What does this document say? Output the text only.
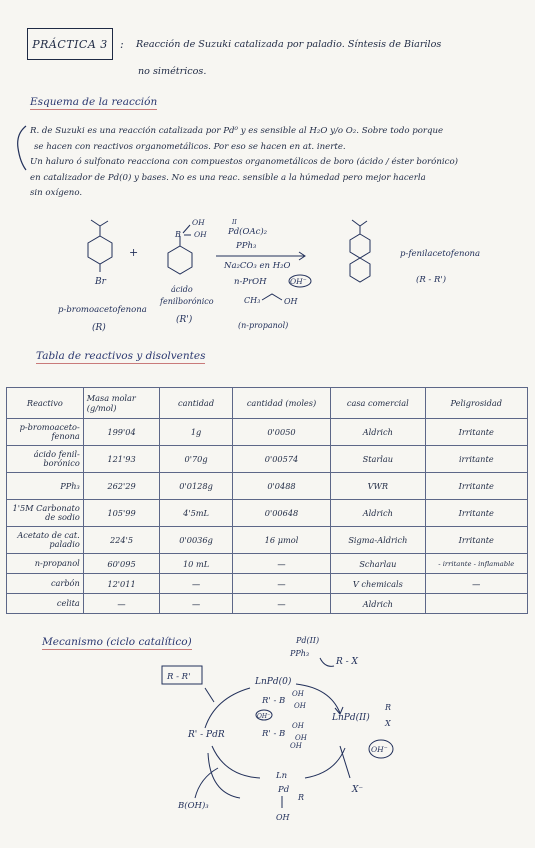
PRÁCTICA 3 : Reacción de Suzuki catalizada por paladio. Síntesis de Biarilos
no simétricos.
Esquema de la reacción
R. de Suzuki es una reacción catalizada por Pd⁰ y es sensible al H₂O y/o O₂. Sobre todo porque
se hacen con reactivos organometálicos. Por eso se hacen en at. inerte.
Un haluro ó sulfonato reacciona con compuestos organometálicos de boro (ácido / éster borónico)
en catalizador de Pd(0) y bases. No es una reac. sensible a la húmedad pero mejor hacerla
sin oxígeno.
Br
+
B
OH
OH
II
Pd(OAc)₂
PPh₃
Na₂CO₃ en H₂O
n-PrOH	OH⁻
CH₃	OH
(n-propanol)
p-fenilacetofenona
(R - R')
p-bromoacetofenona
(R)
ácido
fenilborónico
(R')
Tabla de reactivos y disolventes
Reactivo	Masa molar (g/mol)	cantidad	cantidad (moles)	casa comercial	Peligrosidad
p-bromoaceto-fenona	199'04	1g	0'0050	Aldrich	Irritante
ácido fenil-borónico	121'93	0'70g	0'00574	Starlau	irritante
PPh₃	262'29	0'0128g	0'0488	VWR	Irritante
1'5M Carbonato de sodio	105'99	4'5mL	0'00648	Aldrich	Irritante
Acetato de cat. paladio	224'5	0'0036g	16 μmol	Sigma-Aldrich	Irritante
n-propanol	60'095	10 mL	—	Scharlau	- irritante - inflamable
carbón	12'011	—	—	V chemicals	—
celita	—	—	—	Aldrich	
Mecanismo (ciclo catalítico)
R - R'
Pd(II)
PPh₃
LnPd(0)
R - X
LnPd(II)
R
X
OH⁻
X⁻
R' - PdR
R' - B
OH
OH
OH⁻
R' - B
OH
OH
OH
Ln
Pd
R
OH
B(OH)₃
